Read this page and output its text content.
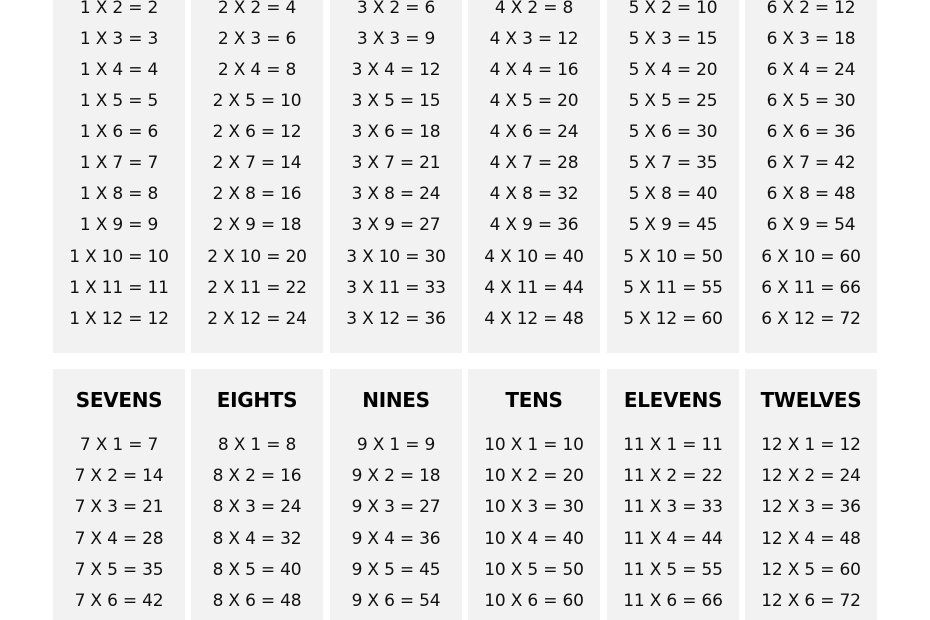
1 X 2 = 2
1 X 3 = 3
1 X 4 = 4
1 X 5 = 5
1 X 6 = 6
1 X 7 = 7
1 X 8 = 8
1 X 9 = 9
1 X 10 = 10
1 X 11 = 11
1 X 12 = 12
2 X 2 = 4
2 X 3 = 6
2 X 4 = 8
2 X 5 = 10
2 X 6 = 12
2 X 7 = 14
2 X 8 = 16
2 X 9 = 18
2 X 10 = 20
2 X 11 = 22
2 X 12 = 24
3 X 2 = 6
3 X 3 = 9
3 X 4 = 12
3 X 5 = 15
3 X 6 = 18
3 X 7 = 21
3 X 8 = 24
3 X 9 = 27
3 X 10 = 30
3 X 11 = 33
3 X 12 = 36
4 X 2 = 8
4 X 3 = 12
4 X 4 = 16
4 X 5 = 20
4 X 6 = 24
4 X 7 = 28
4 X 8 = 32
4 X 9 = 36
4 X 10 = 40
4 X 11 = 44
4 X 12 = 48
5 X 2 = 10
5 X 3 = 15
5 X 4 = 20
5 X 5 = 25
5 X 6 = 30
5 X 7 = 35
5 X 8 = 40
5 X 9 = 45
5 X 10 = 50
5 X 11 = 55
5 X 12 = 60
6 X 2 = 12
6 X 3 = 18
6 X 4 = 24
6 X 5 = 30
6 X 6 = 36
6 X 7 = 42
6 X 8 = 48
6 X 9 = 54
6 X 10 = 60
6 X 11 = 66
6 X 12 = 72
SEVENS
7 X 1 = 7
7 X 2 = 14
7 X 3 = 21
7 X 4 = 28
7 X 5 = 35
7 X 6 = 42
EIGHTS
8 X 1 = 8
8 X 2 = 16
8 X 3 = 24
8 X 4 = 32
8 X 5 = 40
8 X 6 = 48
NINES
9 X 1 = 9
9 X 2 = 18
9 X 3 = 27
9 X 4 = 36
9 X 5 = 45
9 X 6 = 54
TENS
10 X 1 = 10
10 X 2 = 20
10 X 3 = 30
10 X 4 = 40
10 X 5 = 50
10 X 6 = 60
ELEVENS
11 X 1 = 11
11 X 2 = 22
11 X 3 = 33
11 X 4 = 44
11 X 5 = 55
11 X 6 = 66
TWELVES
12 X 1 = 12
12 X 2 = 24
12 X 3 = 36
12 X 4 = 48
12 X 5 = 60
12 X 6 = 72
